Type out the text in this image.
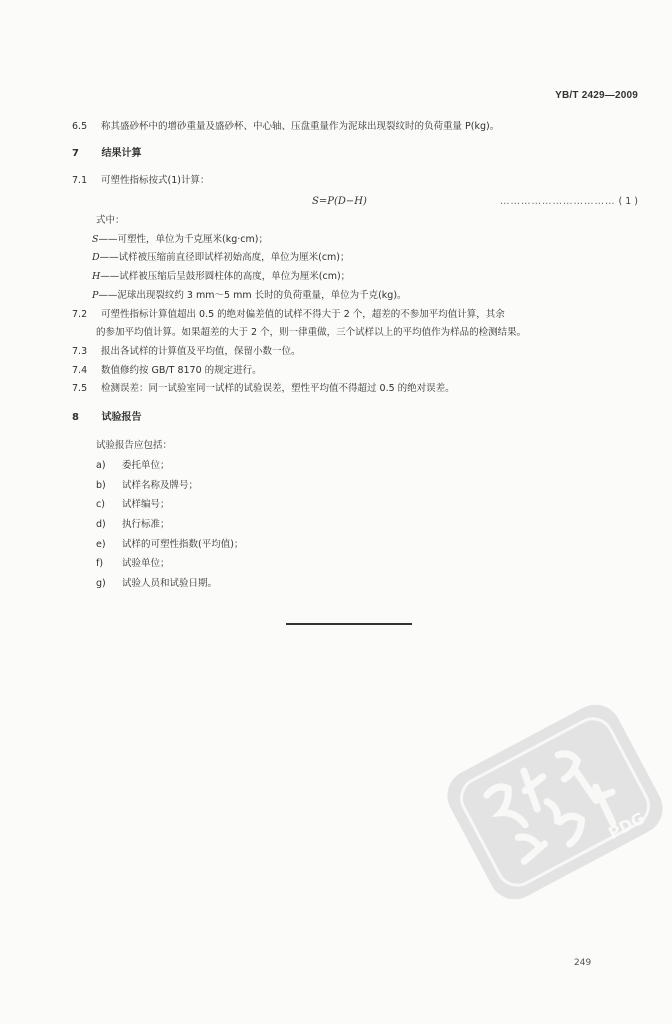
YB/T 2429—2009
6.5 称其盛砂杯中的增砂重量及盛砂杯、中心轴、压盘重量作为泥球出现裂纹时的负荷重量 P(kg)。
7 结果计算
7.1 可塑性指标按式(1)计算：
S=P(D−H)	…………………………… ( 1 )
式中：
S——可塑性，单位为千克厘米(kg·cm)；
D——试样被压缩前直径即试样初始高度，单位为厘米(cm)；
H——试样被压缩后呈鼓形圆柱体的高度，单位为厘米(cm)；
P——泥球出现裂纹约 3 mm～5 mm 长时的负荷重量，单位为千克(kg)。
7.2 可塑性指标计算值超出 0.5 的绝对偏差值的试样不得大于 2 个，超差的不参加平均值计算，其余
的参加平均值计算。如果超差的大于 2 个，则一律重做，三个试样以上的平均值作为样品的检测结果。
7.3 报出各试样的计算值及平均值，保留小数一位。
7.4 数值修约按 GB/T 8170 的规定进行。
7.5 检测误差：同一试验室同一试样的试验误差，塑性平均值不得超过 0.5 的绝对误差。
8 试验报告
试验报告应包括：
a) 委托单位；
b) 试样名称及牌号；
c) 试样编号；
d) 执行标准；
e) 试样的可塑性指数(平均值)；
f) 试验单位；
g) 试验人员和试验日期。
PDG
249
